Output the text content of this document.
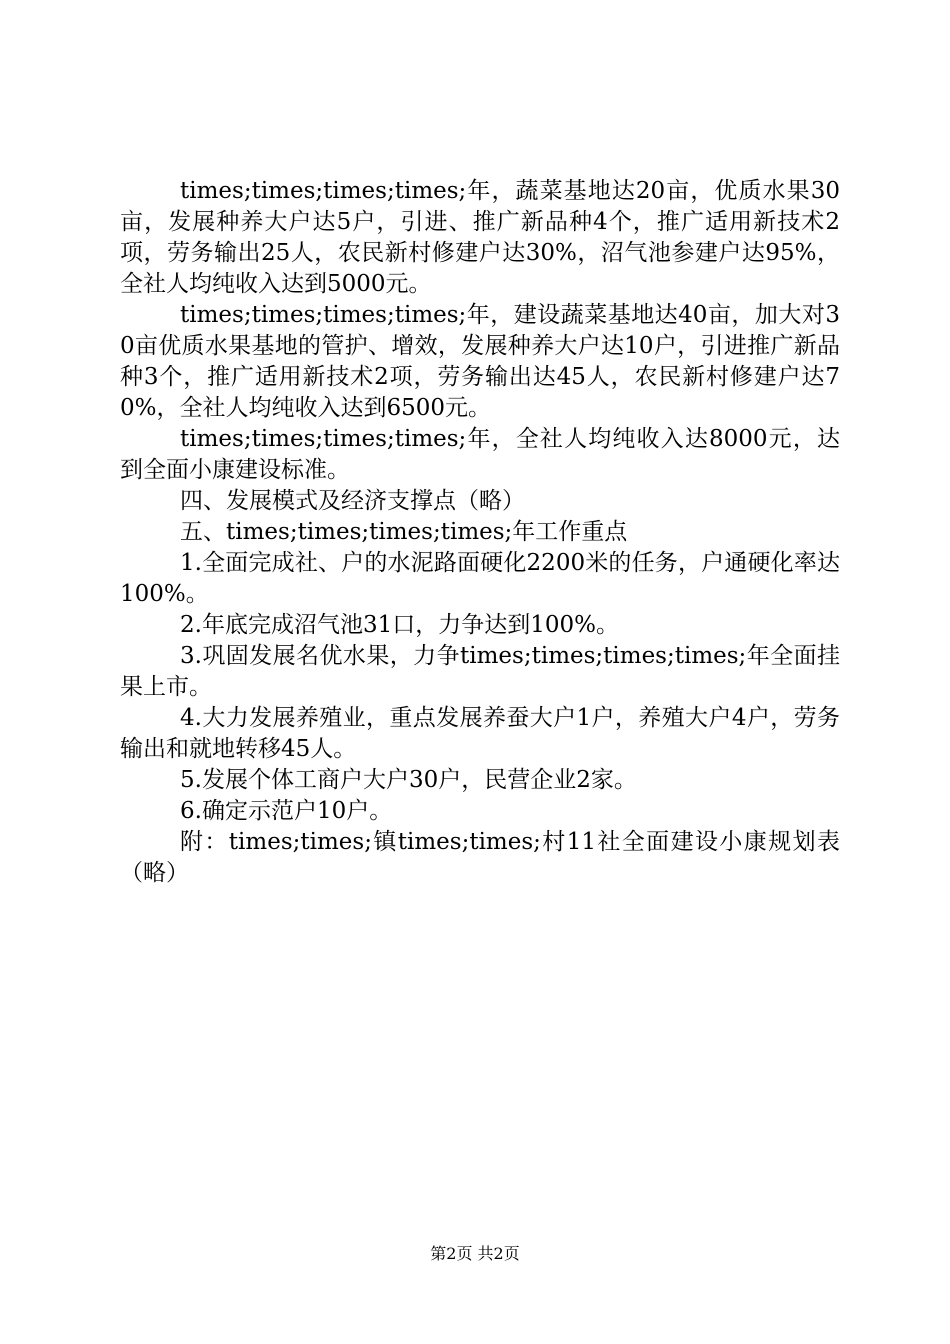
times;times;times;times;年，蔬菜基地达20亩，优质水果30亩，发展种养大户达5户，引进、推广新品种4个，推广适用新技术2项，劳务输出25人，农民新村修建户达30%，沼气池参建户达95%，全社人均纯收入达到5000元。

times;times;times;times;年，建设蔬菜基地达40亩，加大对30亩优质水果基地的管护、增效，发展种养大户达10户，引进推广新品种3个，推广适用新技术2项，劳务输出达45人，农民新村修建户达70%，全社人均纯收入达到6500元。

times;times;times;times;年，全社人均纯收入达8000元，达到全面小康建设标准。

四、发展模式及经济支撑点（略）

五、times;times;times;times;年工作重点

1.全面完成社、户的水泥路面硬化2200米的任务，户通硬化率达100%。

2.年底完成沼气池31口，力争达到100%。

3.巩固发展名优水果，力争times;times;times;times;年全面挂果上市。

4.大力发展养殖业，重点发展养蚕大户1户，养殖大户4户，劳务输出和就地转移45人。

5.发展个体工商户大户30户，民营企业2家。

6.确定示范户10户。

附：times;times;镇times;times;村11社全面建设小康规划表（略）

第2页 共2页
